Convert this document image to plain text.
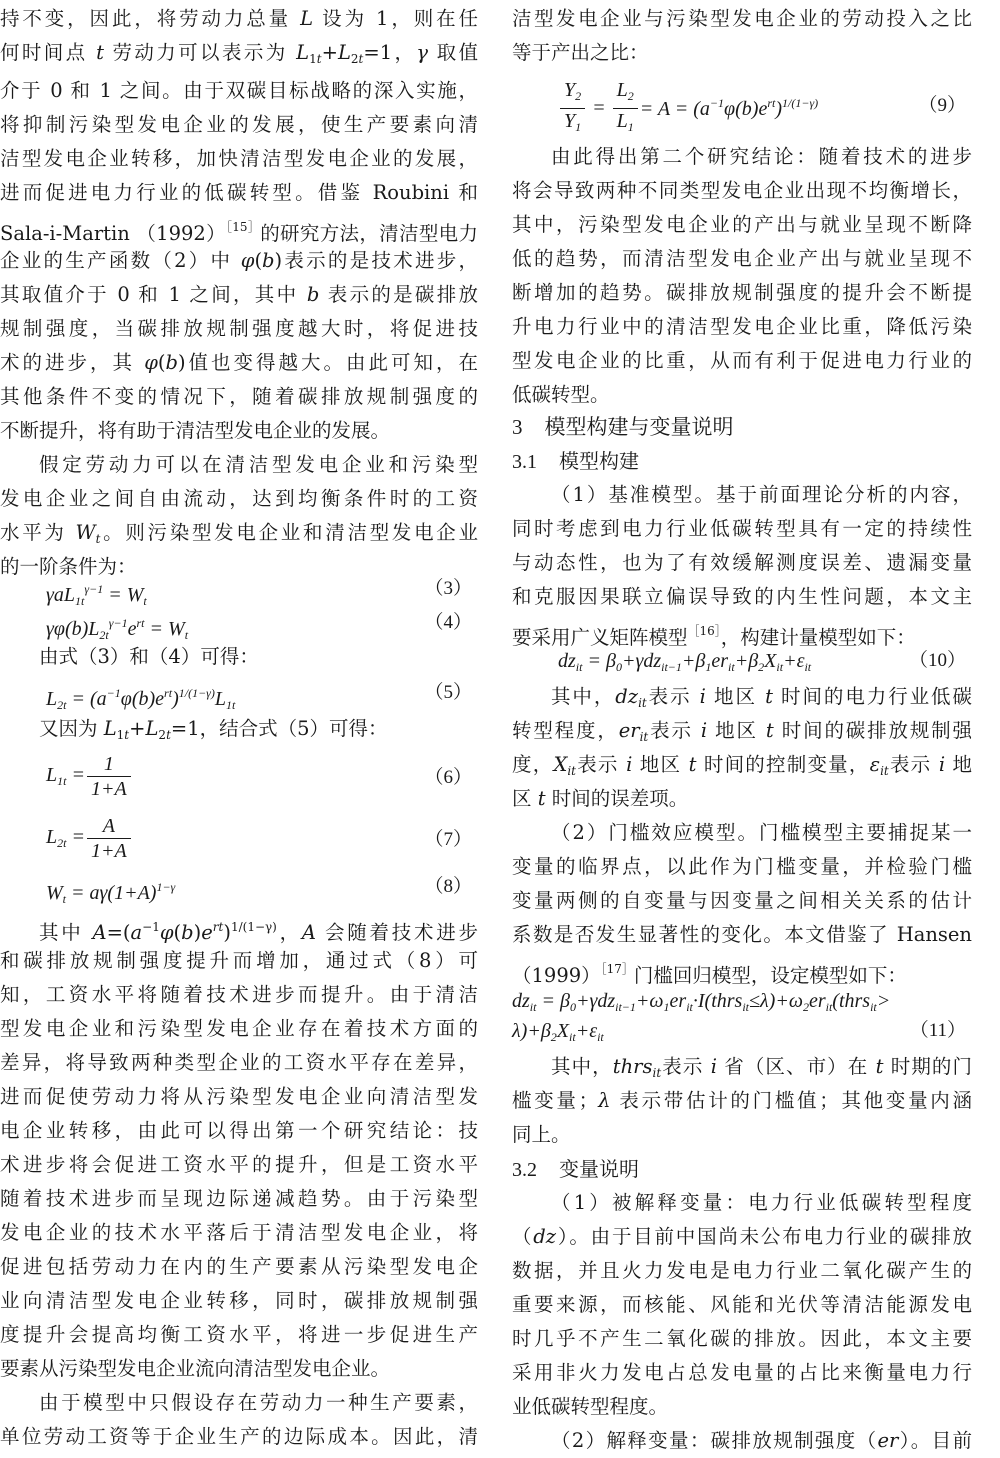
持不变，因此，将劳动力总量 L 设为 1，则在任
何时间点 t 劳动力可以表示为 $L_{1t}+L_{2t}=1$，γ 取值
介于 0 和 1 之间。由于双碳目标战略的深入实施，
将抑制污染型发电企业的发展，使生产要素向清
洁型发电企业转移，加快清洁型发电企业的发展，
进而促进电力行业的低碳转型。借鉴 Roubini 和
Sala-i-Martin （1992）$^{[15]}$的研究方法，清洁型电力
企业的生产函数（2）中 φ(b)表示的是技术进步，
其取值介于 0 和 1 之间，其中 b 表示的是碳排放
规制强度，当碳排放规制强度越大时，将促进技
术的进步，其 φ(b)值也变得越大。由此可知，在
其他条件不变的情况下，随着碳排放规制强度的
不断提升，将有助于清洁型发电企业的发展。
假定劳动力可以在清洁型发电企业和污染型
发电企业之间自由流动，达到均衡条件时的工资
水平为 $W_t$。则污染型发电企业和清洁型发电企业
的一阶条件为：
$\gamma aL_{1t}^{\gamma-1} = W_t$
（3）
$\gamma\varphi(b)L_{2t}^{\gamma-1}e^{rt} = W_t$
（4）
由式（3）和（4）可得：
$L_{2t} = (a^{-1}\varphi(b)e^{rt})^{1/(1-\gamma)}L_{1t}$
（5）
又因为 $L_{1t}+L_{2t}=1$，结合式（5）可得：
$L_{1t} = \frac{1}{1+A}$	（6）
$L_{2t} = \frac{A}{1+A}$	（7）
$W_t = a\gamma(1+A)^{1-\gamma}$	（8）
其中 $A=(a^{-1}\varphi(b)e^{rt})^{1/(1-\gamma)}$，A 会随着技术进步
和碳排放规制强度提升而增加，通过式（8）可
知，工资水平将随着技术进步而提升。由于清洁
型发电企业和污染型发电企业存在着技术方面的
差异，将导致两种类型企业的工资水平存在差异，
进而促使劳动力将从污染型发电企业向清洁型发
电企业转移，由此可以得出第一个研究结论：技
术进步将会促进工资水平的提升，但是工资水平
随着技术进步而呈现边际递减趋势。由于污染型
发电企业的技术水平落后于清洁型发电企业，将
促进包括劳动力在内的生产要素从污染型发电企
业向清洁型发电企业转移，同时，碳排放规制强
度提升会提高均衡工资水平，将进一步促进生产
要素从污染型发电企业流向清洁型发电企业。
由于模型中只假设存在劳动力一种生产要素，
单位劳动工资等于企业生产的边际成本。因此，清
洁型发电企业与污染型发电企业的劳动投入之比
等于产出之比：
$\frac{Y_2}{Y_1} = \frac{L_2}{L_1} = A = (a^{-1}\varphi(b)e^{rt})^{1/(1-\gamma)}$	（9）
由此得出第二个研究结论：随着技术的进步
将会导致两种不同类型发电企业出现不均衡增长，
其中，污染型发电企业的产出与就业呈现不断降
低的趋势，而清洁型发电企业产出与就业呈现不
断增加的趋势。碳排放规制强度的提升会不断提
升电力行业中的清洁型发电企业比重，降低污染
型发电企业的比重，从而有利于促进电力行业的
低碳转型。
3 模型构建与变量说明
3.1 模型构建
（1）基准模型。基于前面理论分析的内容，
同时考虑到电力行业低碳转型具有一定的持续性
与动态性，也为了有效缓解测度误差、遗漏变量
和克服因果联立偏误导致的内生性问题，本文主
要采用广义矩阵模型$^{[16]}$，构建计量模型如下：
$dz_{it} = \beta_0+\gamma dz_{it-1}+\beta_1er_{it}+\beta_2X_{it}+\varepsilon_{it}$	（10）
其中，$dz_{it}$表示 i 地区 t 时间的电力行业低碳
转型程度，$er_{it}$表示 i 地区 t 时间的碳排放规制强
度，$X_{it}$表示 i 地区 t 时间的控制变量，$\varepsilon_{it}$表示 i 地
区 t 时间的误差项。
（2）门槛效应模型。门槛模型主要捕捉某一
变量的临界点，以此作为门槛变量，并检验门槛
变量两侧的自变量与因变量之间相关关系的估计
系数是否发生显著性的变化。本文借鉴了 Hansen
（1999）$^{[17]}$门槛回归模型，设定模型如下：
$dz_{it}$ = $\beta_0+\gamma dz_{it-1}+\omega_1er_{it}\cdot I(thrs_{it}\le\lambda)+\omega_2er_{it}(thrs_{it}>$
$\lambda)+\beta_2X_{it}+\varepsilon_{it}$	（11）
其中，thrs$_{it}$表示 i 省（区、市）在 t 时期的门
槛变量；λ 表示带估计的门槛值；其他变量内涵
同上。
3.2 变量说明
（1）被解释变量：电力行业低碳转型程度
（dz）。由于目前中国尚未公布电力行业的碳排放
数据，并且火力发电是电力行业二氧化碳产生的
重要来源，而核能、风能和光伏等清洁能源发电
时几乎不产生二氧化碳的排放。因此，本文主要
采用非火力发电占总发电量的占比来衡量电力行
业低碳转型程度。
（2）解释变量：碳排放规制强度（er）。目前
